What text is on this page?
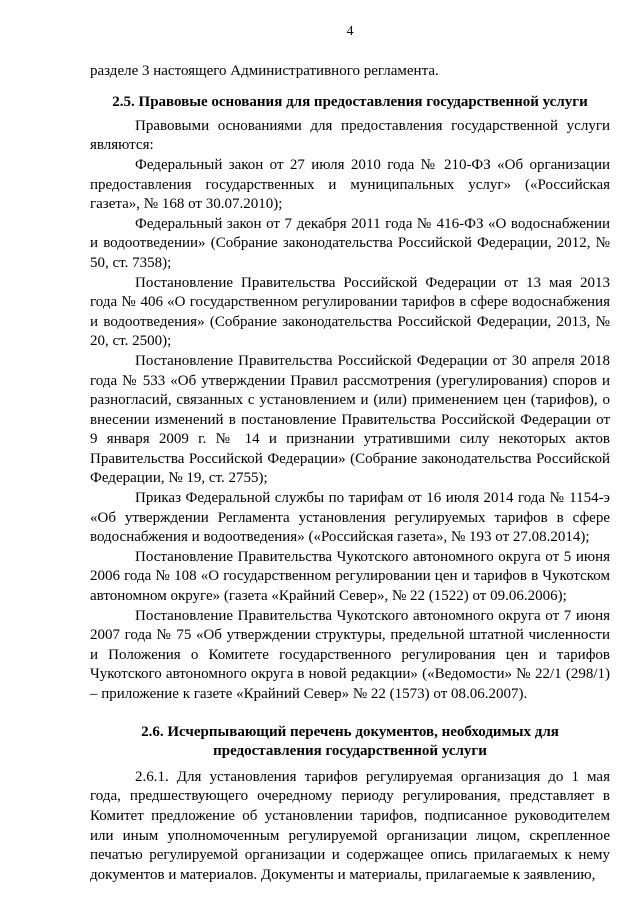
4

разделе 3 настоящего Административного регламента.

2.5. Правовые основания для предоставления государственной услуги

Правовыми основаниями для предоставления государственной услуги являются:

Федеральный закон от 27 июля 2010 года № 210-ФЗ «Об организации предоставления государственных и муниципальных услуг» («Российская газета», № 168 от 30.07.2010);

Федеральный закон от 7 декабря 2011 года № 416-ФЗ «О водоснабжении и водоотведении» (Собрание законодательства Российской Федерации, 2012, № 50, ст. 7358);

Постановление Правительства Российской Федерации от 13 мая 2013 года № 406 «О государственном регулировании тарифов в сфере водоснабжения и водоотведения» (Собрание законодательства Российской Федерации, 2013, № 20, ст. 2500);

Постановление Правительства Российской Федерации от 30 апреля 2018 года № 533 «Об утверждении Правил рассмотрения (урегулирования) споров и разногласий, связанных с установлением и (или) применением цен (тарифов), о внесении изменений в постановление Правительства Российской Федерации от 9 января 2009 г. № 14 и признании утратившими силу некоторых актов Правительства Российской Федерации» (Собрание законодательства Российской Федерации, № 19, ст. 2755);

Приказ Федеральной службы по тарифам от 16 июля 2014 года № 1154-э «Об утверждении Регламента установления регулируемых тарифов в сфере водоснабжения и водоотведения» («Российская газета», № 193 от 27.08.2014);

Постановление Правительства Чукотского автономного округа от 5 июня 2006 года № 108 «О государственном регулировании цен и тарифов в Чукотском автономном округе» (газета «Крайний Север», № 22 (1522) от 09.06.2006);

Постановление Правительства Чукотского автономного округа от 7 июня 2007 года № 75 «Об утверждении структуры, предельной штатной численности и Положения о Комитете государственного регулирования цен и тарифов Чукотского автономного округа в новой редакции» («Ведомости» № 22/1 (298/1) – приложение к газете «Крайний Север» № 22 (1573) от 08.06.2007).

2.6. Исчерпывающий перечень документов, необходимых для
предоставления государственной услуги

2.6.1. Для установления тарифов регулируемая организация до 1 мая года, предшествующего очередному периоду регулирования, представляет в Комитет предложение об установлении тарифов, подписанное руководителем или иным уполномоченным регулируемой организации лицом, скрепленное печатью регулируемой организации и содержащее опись прилагаемых к нему документов и материалов. Документы и материалы, прилагаемые к заявлению,
